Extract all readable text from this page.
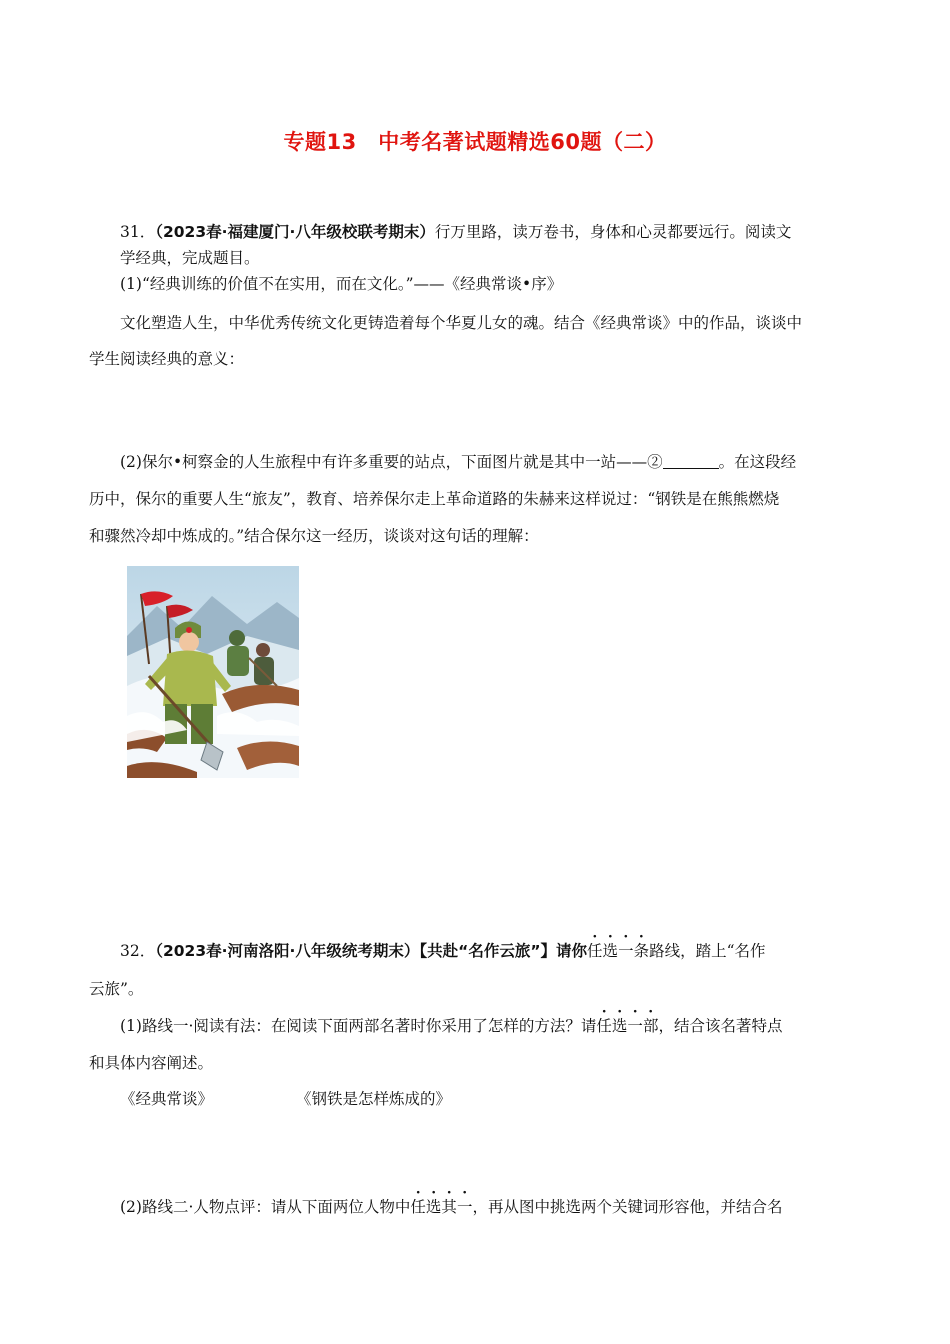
专题13　中考名著试题精选60题（二）
31．（2023春·福建厦门·八年级校联考期末）行万里路，读万卷书，身体和心灵都要远行。阅读文
学经典，完成题目。
(1)“经典训练的价值不在实用，而在文化。”——《经典常谈•序》
文化塑造人生，中华优秀传统文化更铸造着每个华夏儿女的魂。结合《经典常谈》中的作品，谈谈中
学生阅读经典的意义：
(2)保尔•柯察金的人生旅程中有许多重要的站点，下面图片就是其中一站——②	。在这段经
历中，保尔的重要人生“旅友”，教育、培养保尔走上革命道路的朱赫来这样说过：“钢铁是在熊熊燃烧
和骤然冷却中炼成的。”结合保尔这一经历，谈谈对这句话的理解：
32．（2023春·河南洛阳·八年级统考期末）【共赴“名作云旅”】请你任选一条路线，踏上“名作
云旅”。
(1)路线一·阅读有法：在阅读下面两部名著时你采用了怎样的方法？请任选一部，结合该名著特点
和具体内容阐述。
《经典常谈》	《钢铁是怎样炼成的》
(2)路线二·人物点评：请从下面两位人物中任选其一，再从图中挑选两个关键词形容他，并结合名
